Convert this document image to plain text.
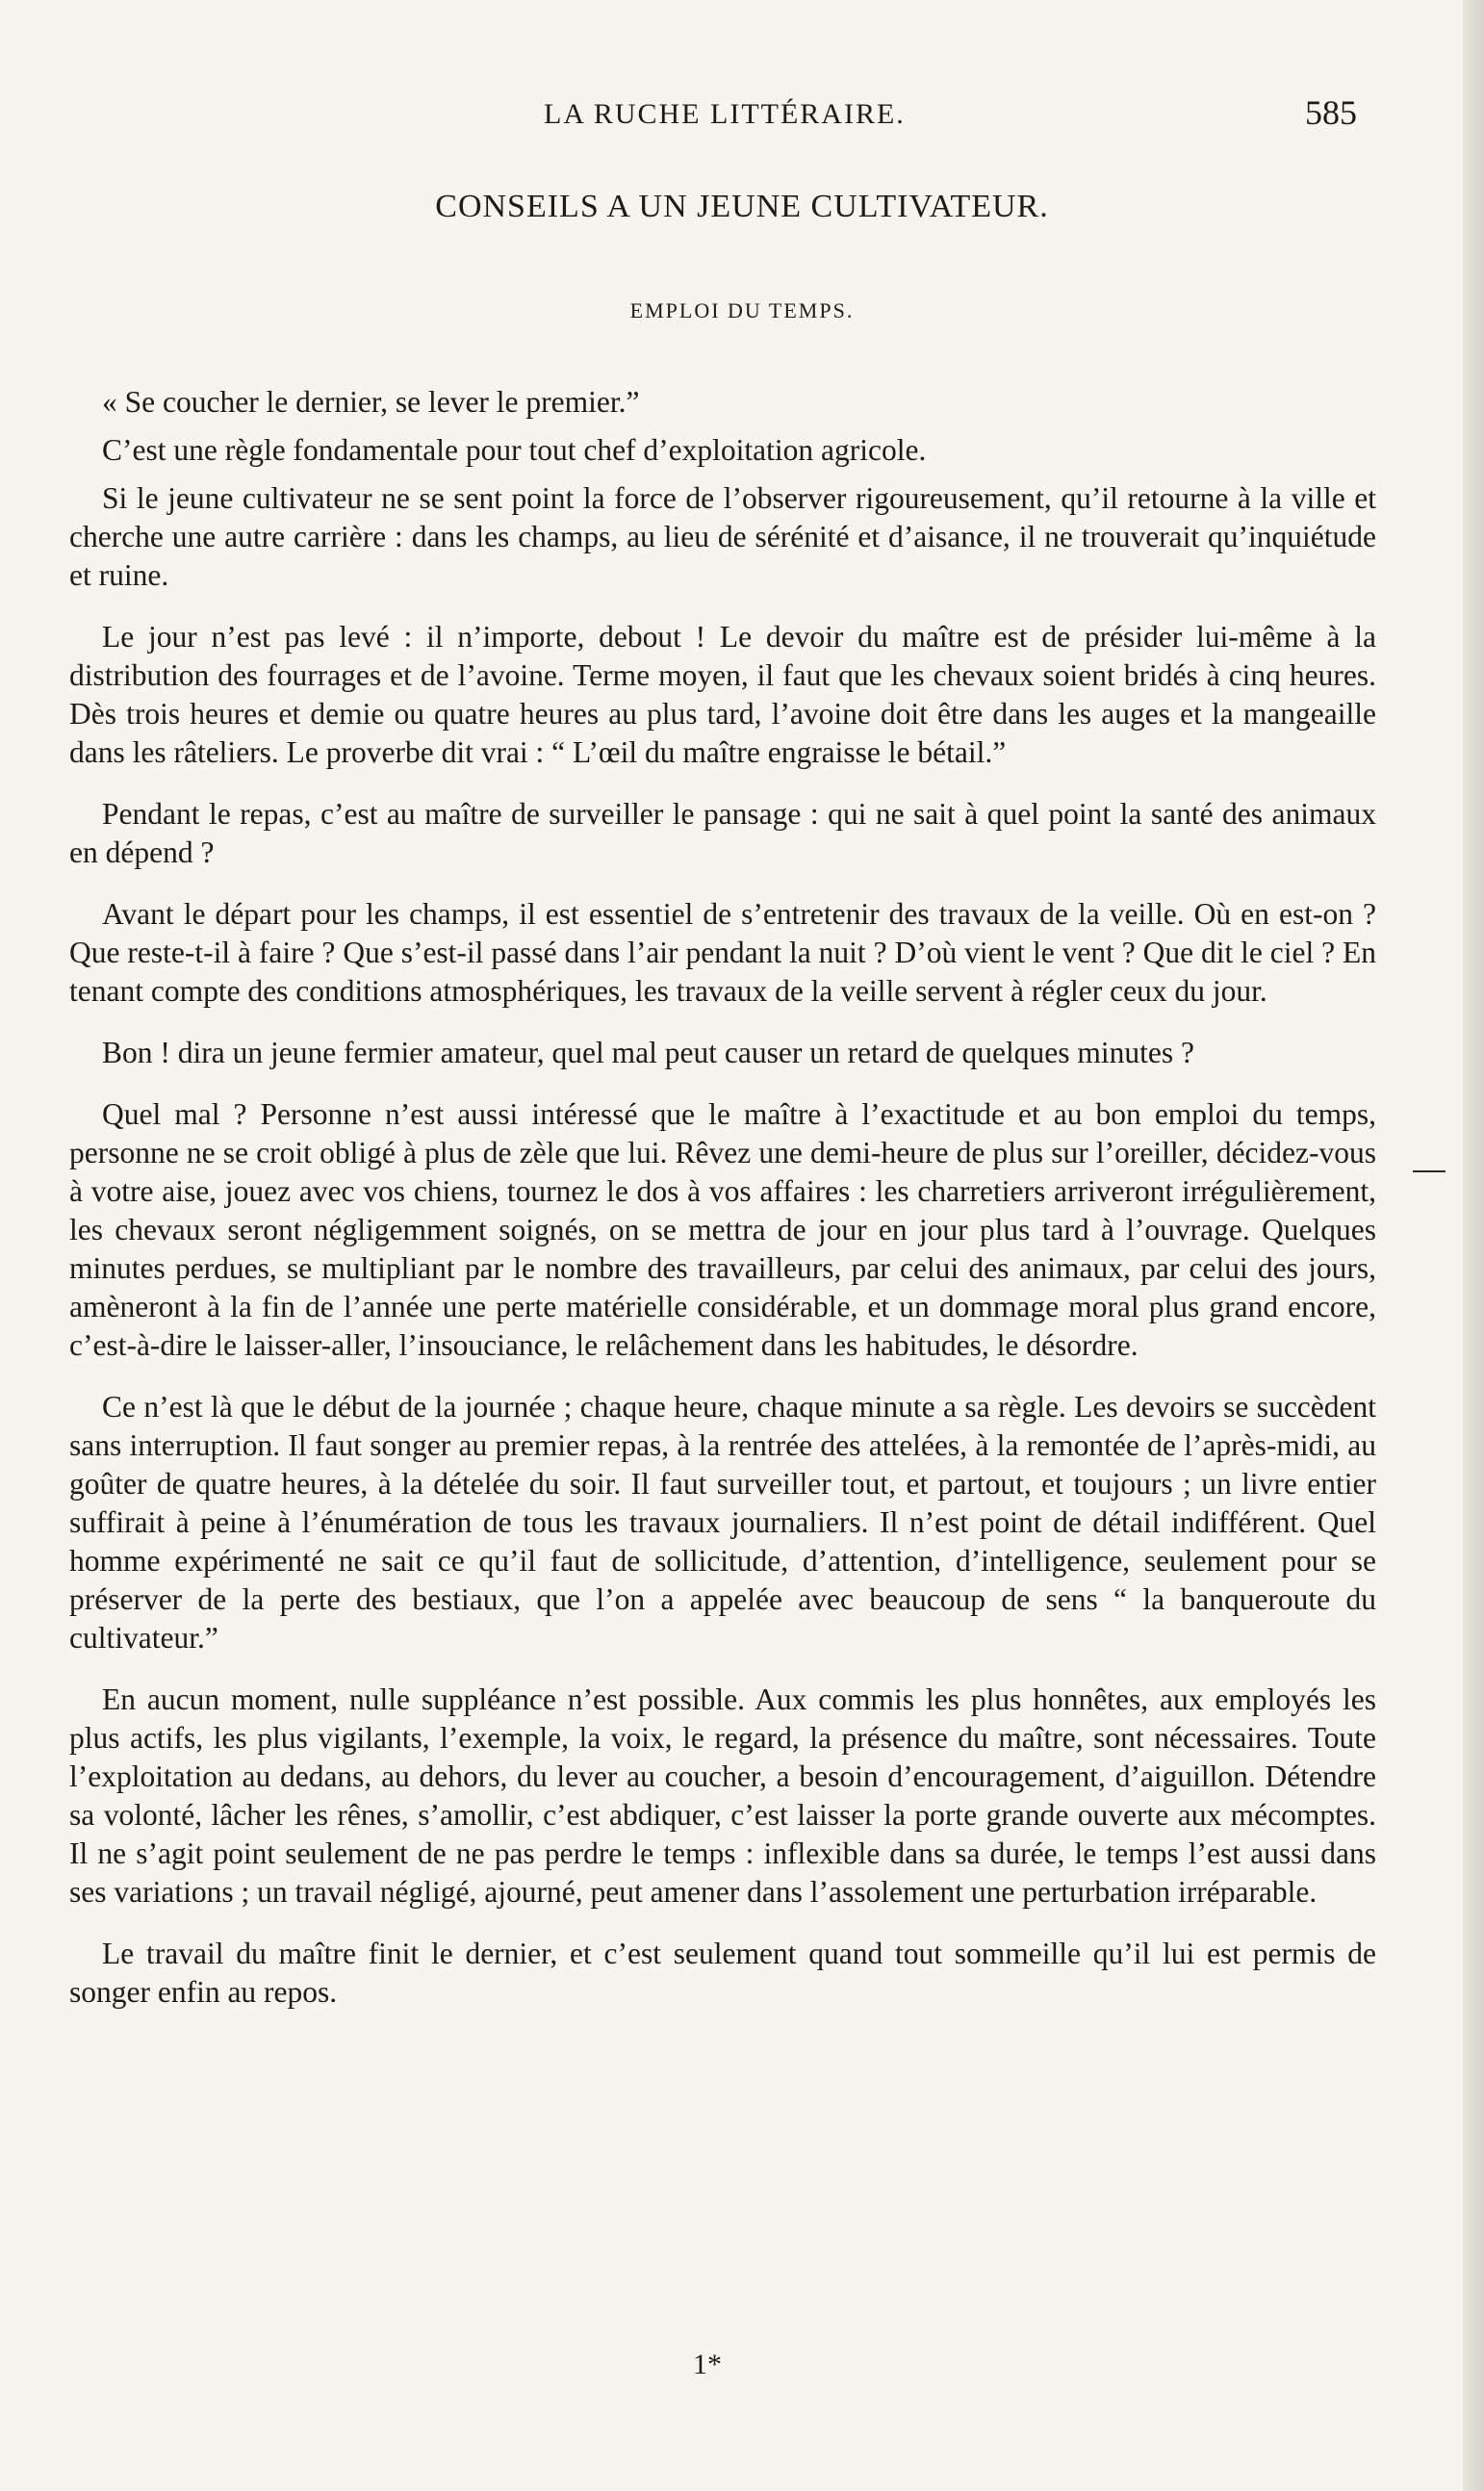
LA RUCHE LITTÉRAIRE.	585
CONSEILS A UN JEUNE CULTIVATEUR.
EMPLOI DU TEMPS.

« Se coucher le dernier, se lever le premier.”

C’est une règle fondamentale pour tout chef d’exploitation agricole.

Si le jeune cultivateur ne se sent point la force de l’observer rigoureusement, qu’il retourne à la ville et cherche une autre carrière : dans les champs, au lieu de sérénité et d’aisance, il ne trouverait qu’inquiétude et ruine.

Le jour n’est pas levé : il n’importe, debout ! Le devoir du maître est de présider lui-même à la distribution des fourrages et de l’avoine. Terme moyen, il faut que les chevaux soient bridés à cinq heures. Dès trois heures et demie ou quatre heures au plus tard, l’avoine doit être dans les auges et la mangeaille dans les râteliers. Le proverbe dit vrai : “ L’œil du maître engraisse le bétail.”

Pendant le repas, c’est au maître de surveiller le pansage : qui ne sait à quel point la santé des animaux en dépend ?

Avant le départ pour les champs, il est essentiel de s’entretenir des travaux de la veille. Où en est-on ? Que reste-t-il à faire ? Que s’est-il passé dans l’air pendant la nuit ? D’où vient le vent ? Que dit le ciel ? En tenant compte des conditions atmosphériques, les travaux de la veille servent à régler ceux du jour.

Bon ! dira un jeune fermier amateur, quel mal peut causer un retard de quelques minutes ?

Quel mal ? Personne n’est aussi intéressé que le maître à l’exactitude et au bon emploi du temps, personne ne se croit obligé à plus de zèle que lui. Rêvez une demi-heure de plus sur l’oreiller, décidez-vous à votre aise, jouez avec vos chiens, tournez le dos à vos affaires : les charretiers arriveront irrégulièrement, les chevaux seront négligemment soignés, on se mettra de jour en jour plus tard à l’ouvrage. Quelques minutes perdues, se multipliant par le nombre des travailleurs, par celui des animaux, par celui des jours, amèneront à la fin de l’année une perte matérielle considérable, et un dommage moral plus grand encore, c’est-à-dire le laisser-aller, l’insouciance, le relâchement dans les habitudes, le désordre.

Ce n’est là que le début de la journée ; chaque heure, chaque minute a sa règle. Les devoirs se succèdent sans interruption. Il faut songer au premier repas, à la rentrée des attelées, à la remontée de l’après-midi, au goûter de quatre heures, à la dételée du soir. Il faut surveiller tout, et partout, et toujours ; un livre entier suffirait à peine à l’énumération de tous les travaux journaliers. Il n’est point de détail indifférent. Quel homme expérimenté ne sait ce qu’il faut de sollicitude, d’attention, d’intelligence, seulement pour se préserver de la perte des bestiaux, que l’on a appelée avec beaucoup de sens “ la banqueroute du cultivateur.”

En aucun moment, nulle suppléance n’est possible. Aux commis les plus honnêtes, aux employés les plus actifs, les plus vigilants, l’exemple, la voix, le regard, la présence du maître, sont nécessaires. Toute l’exploitation au dedans, au dehors, du lever au coucher, a besoin d’encouragement, d’aiguillon. Détendre sa volonté, lâcher les rênes, s’amollir, c’est abdiquer, c’est laisser la porte grande ouverte aux mécomptes. Il ne s’agit point seulement de ne pas perdre le temps : inflexible dans sa durée, le temps l’est aussi dans ses variations ; un travail négligé, ajourné, peut amener dans l’assolement une perturbation irréparable.

Le travail du maître finit le dernier, et c’est seulement quand tout sommeille qu’il lui est permis de songer enfin au repos.

1*
